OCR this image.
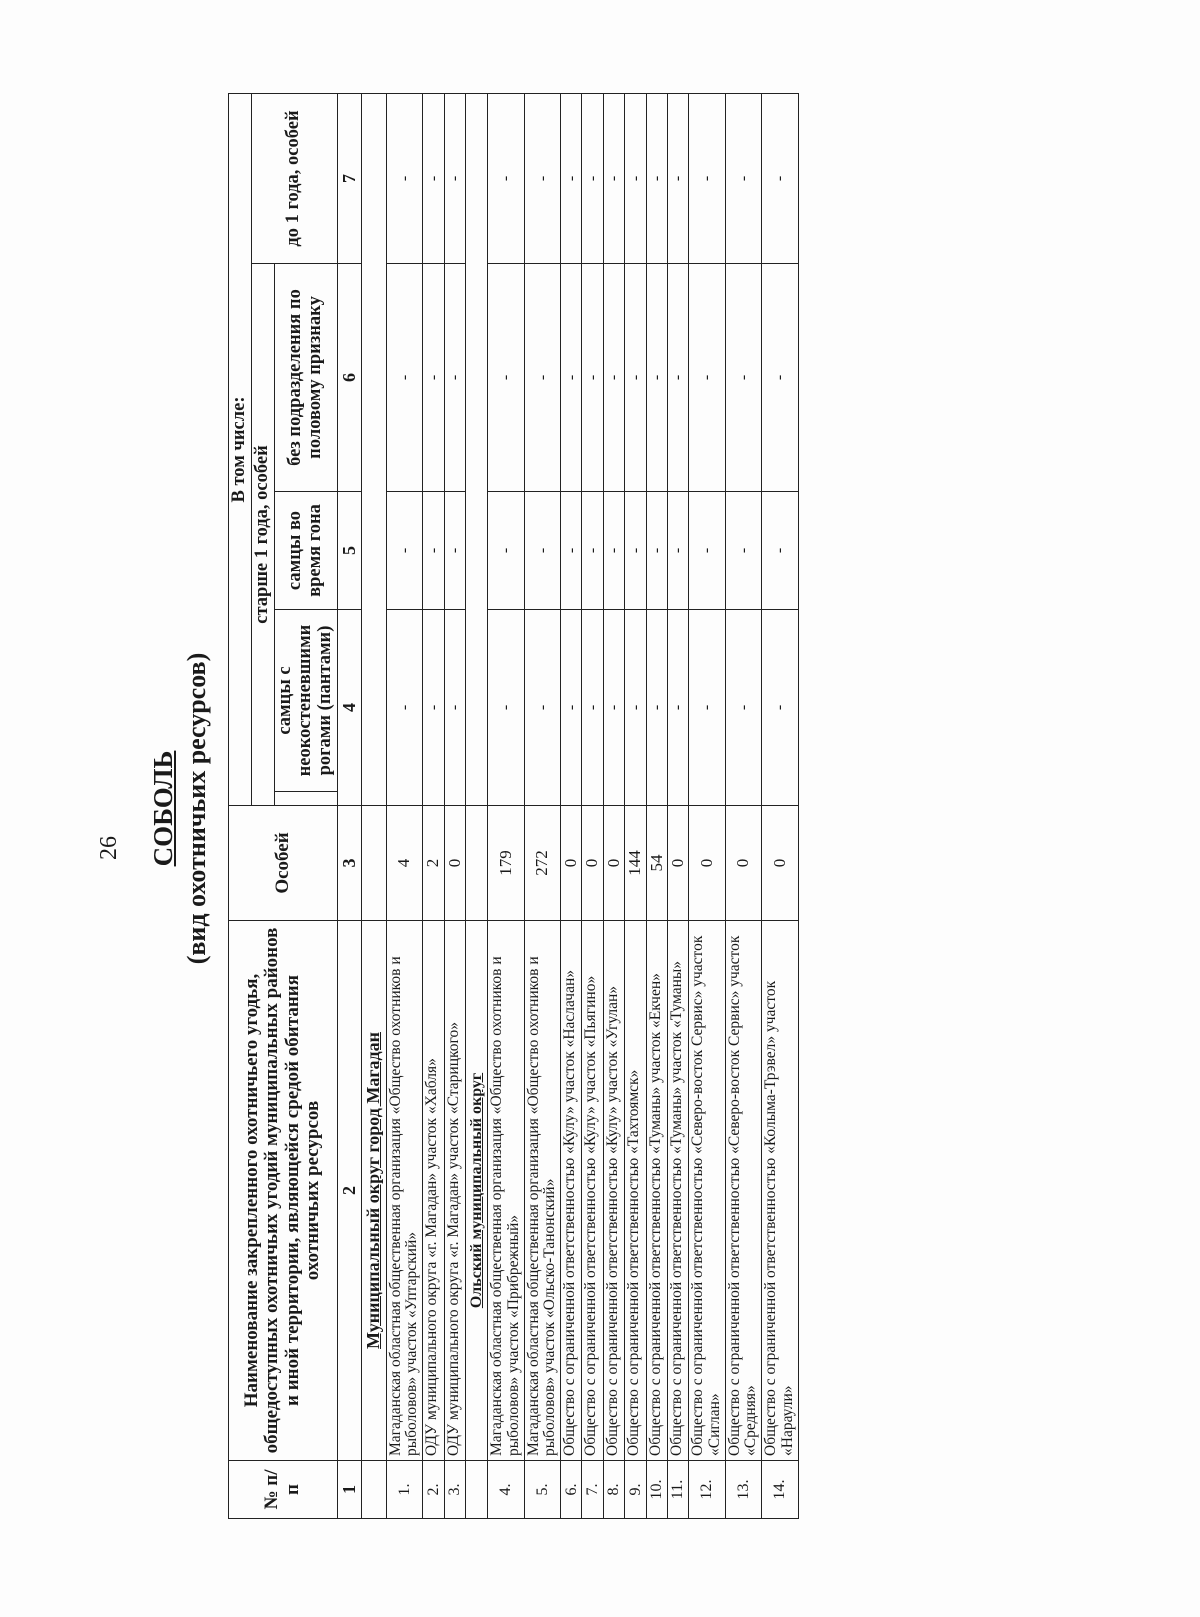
26 СОБОЛЬ (вид охотничьих ресурсов)
№ п/п	Наименование закрепленного охотничьего угодья, общедоступных охотничьих угодий муниципальных районов и иной территории, являющейся средой обитания охотничьих ресурсов	Особей	В том числе:				
			старше 1 года, особей				до 1 года, особей
				самцы с неокостеневшими рогами (пантами)	самцы во время гона	без подразделения по половому признаку	
1	2	3	4		5	6	7
	Муниципальный округ город Магадан						
1.	Магаданская областная общественная организация «Общество охотников и рыболовов» участок «Уптарский»	4	-		-	-	-
2.	ОДУ муниципального округа «г. Магадан» участок «Хабля»	2	-		-	-	-
3.	ОДУ муниципального округа «г. Магадан» участок «Старицкого»	0	-		-	-	-
	Ольский муниципальный округ						
4.	Магаданская областная общественная организация «Общество охотников и рыболовов» участок «Прибрежный»	179	-		-	-	-
5.	Магаданская областная общественная организация «Общество охотников и рыболовов» участок «Ольско-Танонский»	272	-		-	-	-
6.	Общество с ограниченной ответственностью «Кулу» участок «Наслачан»	0	-		-	-	-
7.	Общество с ограниченной ответственностью «Кулу» участок «Пьягино»	0	-		-	-	-
8.	Общество с ограниченной ответственностью «Кулу» участок «Угулан»	0	-		-	-	-
9.	Общество с ограниченной ответственностью «Тахтоямск»	144	-		-	-	-
10.	Общество с ограниченной ответственностью «Туманы» участок «Екчен»	54	-		-	-	-
11.	Общество с ограниченной ответственностью «Туманы» участок «Туманы»	0	-		-	-	-
12.	Общество с ограниченной ответственностью «Северо-восток Сервис» участок «Сиглан»	0	-		-	-	-
13.	Общество с ограниченной ответственностью «Северо-восток Сервис» участок «Средняя»	0	-		-	-	-
14.	Общество с ограниченной ответственностью «Колыма-Трэвел» участок «Нараули»	0	-		-	-	-
